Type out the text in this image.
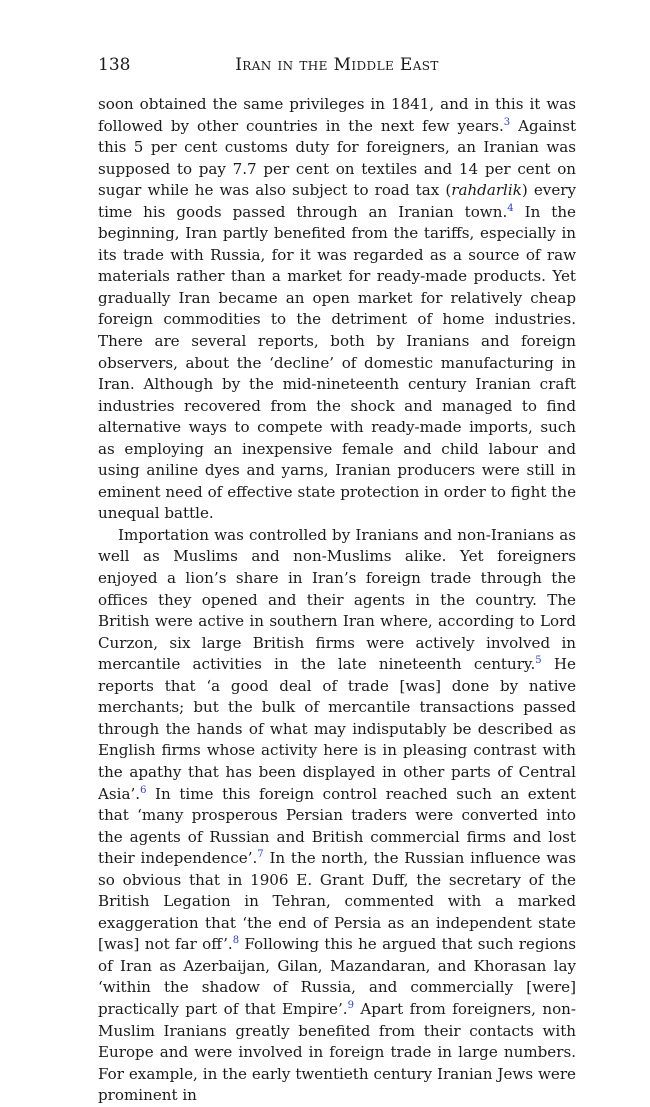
138	Iran in the Middle East

soon obtained the same privileges in 1841, and in this it was followed by other countries in the next few years.$^3$ Against this 5 per cent customs duty for foreigners, an Iranian was supposed to pay 7.7 per cent on textiles and 14 per cent on sugar while he was also subject to road tax (rahdarlik) every time his goods passed through an Iranian town.$^4$ In the beginning, Iran partly benefited from the tariffs, especially in its trade with Russia, for it was regarded as a source of raw materials rather than a market for ready-made products. Yet gradually Iran became an open market for relatively cheap foreign commodities to the detriment of home industries. There are several reports, both by Iranians and foreign observers, about the ‘decline’ of domestic manufacturing in Iran. Although by the mid-nineteenth century Iranian craft industries recovered from the shock and managed to find alternative ways to compete with ready-made imports, such as employing an inexpensive female and child labour and using aniline dyes and yarns, Iranian producers were still in eminent need of effective state protection in order to fight the unequal battle.

Importation was controlled by Iranians and non-Iranians as well as Muslims and non-Muslims alike. Yet foreigners enjoyed a lion’s share in Iran’s foreign trade through the offices they opened and their agents in the country. The British were active in southern Iran where, according to Lord Curzon, six large British firms were actively involved in mercantile activities in the late nineteenth century.$^5$ He reports that ‘a good deal of trade [was] done by native merchants; but the bulk of mercantile transactions passed through the hands of what may indisputably be described as English firms whose activity here is in pleasing contrast with the apathy that has been displayed in other parts of Central Asia’.$^6$ In time this foreign control reached such an extent that ‘many prosperous Persian traders were converted into the agents of Russian and British commercial firms and lost their independence’.$^7$ In the north, the Russian influence was so obvious that in 1906 E. Grant Duff, the secretary of the British Legation in Tehran, commented with a marked exaggeration that ‘the end of Persia as an independent state [was] not far off’.$^8$ Following this he argued that such regions of Iran as Azerbaijan, Gilan, Mazandaran, and Khorasan lay ‘within the shadow of Russia, and commercially [were] practically part of that Empire’.$^9$ Apart from foreigners, non-Muslim Iranians greatly benefited from their contacts with Europe and were involved in foreign trade in large numbers. For example, in the early twentieth century Iranian Jews were prominent in
